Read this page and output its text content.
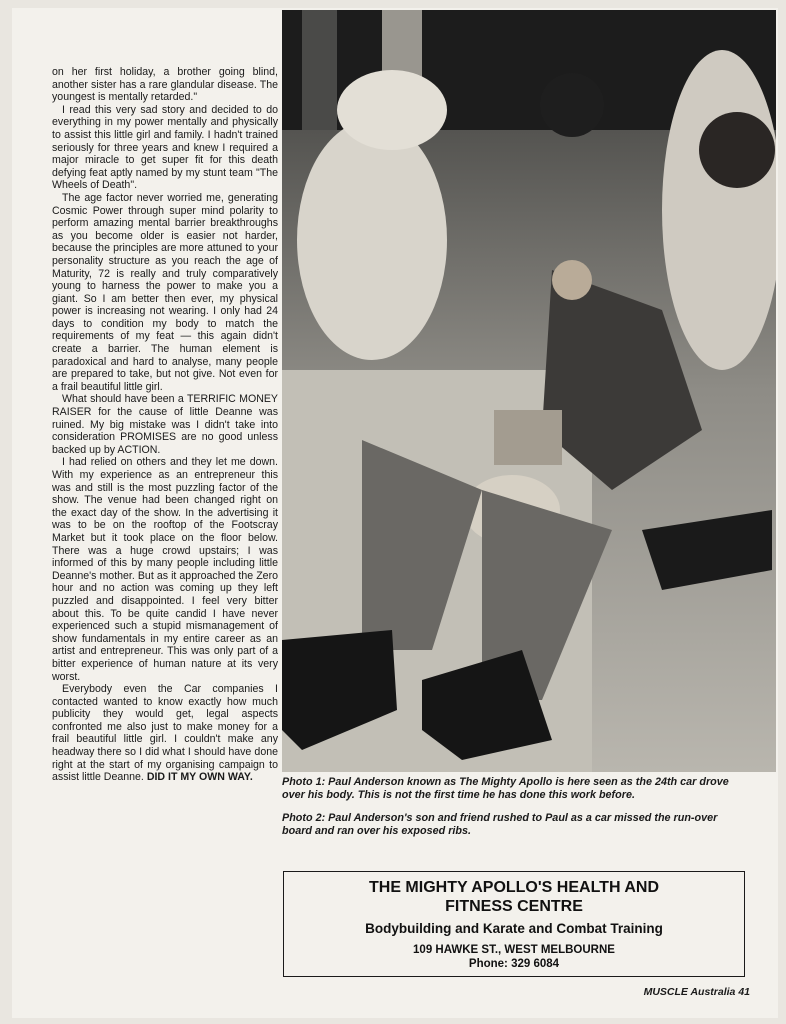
on her first holiday, a brother going blind, another sister has a rare glandular disease. The youngest is mentally retarded."

I read this very sad story and decided to do everything in my power mentally and physically to assist this little girl and family. I hadn't trained seriously for three years and knew I required a major miracle to get super fit for this death defying feat aptly named by my stunt team "The Wheels of Death".

The age factor never worried me, generating Cosmic Power through super mind polarity to perform amazing mental barrier breakthroughs as you become older is easier not harder, because the principles are more attuned to your personality structure as you reach the age of Maturity, 72 is really and truly comparatively young to harness the power to make you a giant. So I am better then ever, my physical power is increasing not wearing. I only had 24 days to condition my body to match the requirements of my feat — this again didn't create a barrier. The human element is paradoxical and hard to analyse, many people are prepared to take, but not give. Not even for a frail beautiful little girl.

What should have been a TERRIFIC MONEY RAISER for the cause of little Deanne was ruined. My big mistake was I didn't take into consideration PROMISES are no good unless backed up by ACTION.

I had relied on others and they let me down. With my experience as an entrepreneur this was and still is the most puzzling factor of the show. The venue had been changed right on the exact day of the show. In the advertising it was to be on the rooftop of the Footscray Market but it took place on the floor below. There was a huge crowd upstairs; I was informed of this by many people including little Deanne's mother. But as it approached the Zero hour and no action was coming up they left puzzled and disappointed. I feel very bitter about this. To be quite candid I have never experienced such a stupid mismanagement of show fundamentals in my entire career as an artist and entrepreneur. This was only part of a bitter experience of human nature at its very worst.

Everybody even the Car companies I contacted wanted to know exactly how much publicity they would get, legal aspects confronted me also just to make money for a frail beautiful little girl. I couldn't make any headway there so I did what I should have done right at the start of my organising campaign to assist little Deanne. DID IT MY OWN WAY.	Photo 1: Paul Anderson known as The Mighty Apollo is here seen as the 24th car drove over his body. This is not the first time he has done this work before.

Photo 2: Paul Anderson's son and friend rushed to Paul as a car missed the run-over board and ran over his exposed ribs.

THE MIGHTY APOLLO'S HEALTH AND
FITNESS CENTRE
Bodybuilding and Karate and Combat Training
109 HAWKE ST., WEST MELBOURNE
Phone: 329 6084
MUSCLE Australia 41
